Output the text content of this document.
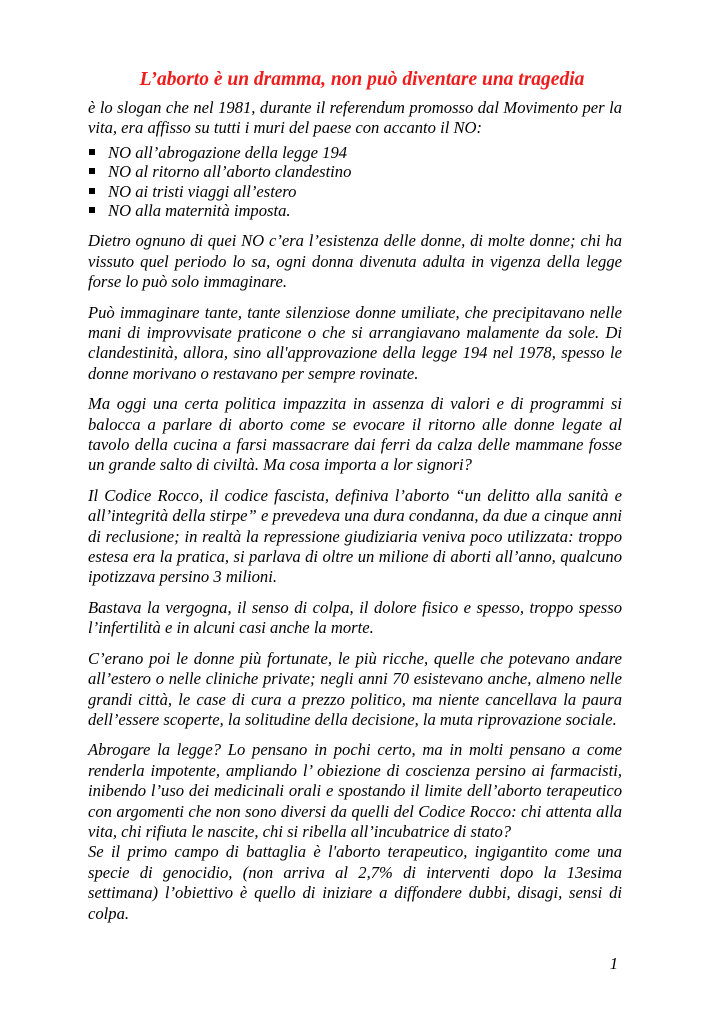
L’aborto è un dramma, non può diventare una tragedia

è lo slogan che nel 1981, durante il referendum promosso dal Movimento per la vita, era affisso su tutti i muri del paese con accanto il NO:

NO all’abrogazione della legge 194
NO al ritorno all’aborto clandestino
NO ai tristi viaggi all’estero
NO alla maternità imposta.

Dietro ognuno di quei NO c’era l’esistenza delle donne, di molte donne; chi ha vissuto quel periodo lo sa, ogni donna divenuta adulta in vigenza della legge forse lo può solo immaginare.

Può immaginare tante, tante silenziose donne umiliate, che precipitavano nelle mani di improvvisate praticone o che si arrangiavano malamente da sole. Di clandestinità, allora, sino all'approvazione della legge 194 nel 1978, spesso le donne morivano o restavano per sempre rovinate.

Ma oggi una certa politica impazzita in assenza di valori e di programmi si balocca a parlare di aborto come se evocare il ritorno alle donne legate al tavolo della cucina a farsi massacrare dai ferri da calza delle mammane fosse un grande salto di civiltà. Ma cosa importa a lor signori?

Il Codice Rocco, il codice fascista, definiva l’aborto “un delitto alla sanità e all’integrità della stirpe” e prevedeva una dura condanna, da due a cinque anni di reclusione; in realtà la repressione giudiziaria veniva poco utilizzata: troppo estesa era la pratica, si parlava di oltre un milione di aborti all’anno, qualcuno ipotizzava persino 3 milioni.

Bastava la vergogna, il senso di colpa, il dolore fisico e spesso, troppo spesso l’infertilità e in alcuni casi anche la morte.

C’erano poi le donne più fortunate, le più ricche, quelle che potevano andare all’estero o nelle cliniche private; negli anni 70 esistevano anche, almeno nelle grandi città, le case di cura a prezzo politico, ma niente cancellava la paura dell’essere scoperte, la solitudine della decisione, la muta riprovazione sociale.

Abrogare la legge? Lo pensano in pochi certo, ma in molti pensano a come renderla impotente, ampliando l’ obiezione di coscienza persino ai farmacisti, inibendo l’uso dei medicinali orali e spostando il limite dell’aborto terapeutico con argomenti che non sono diversi da quelli del Codice Rocco: chi attenta alla vita, chi rifiuta le nascite, chi si ribella all’incubatrice di stato?

Se il primo campo di battaglia è l'aborto terapeutico, ingigantito come una specie di genocidio, (non arriva al 2,7% di interventi dopo la 13esima settimana) l’obiettivo è quello di iniziare a diffondere dubbi, disagi, sensi di colpa.

1
